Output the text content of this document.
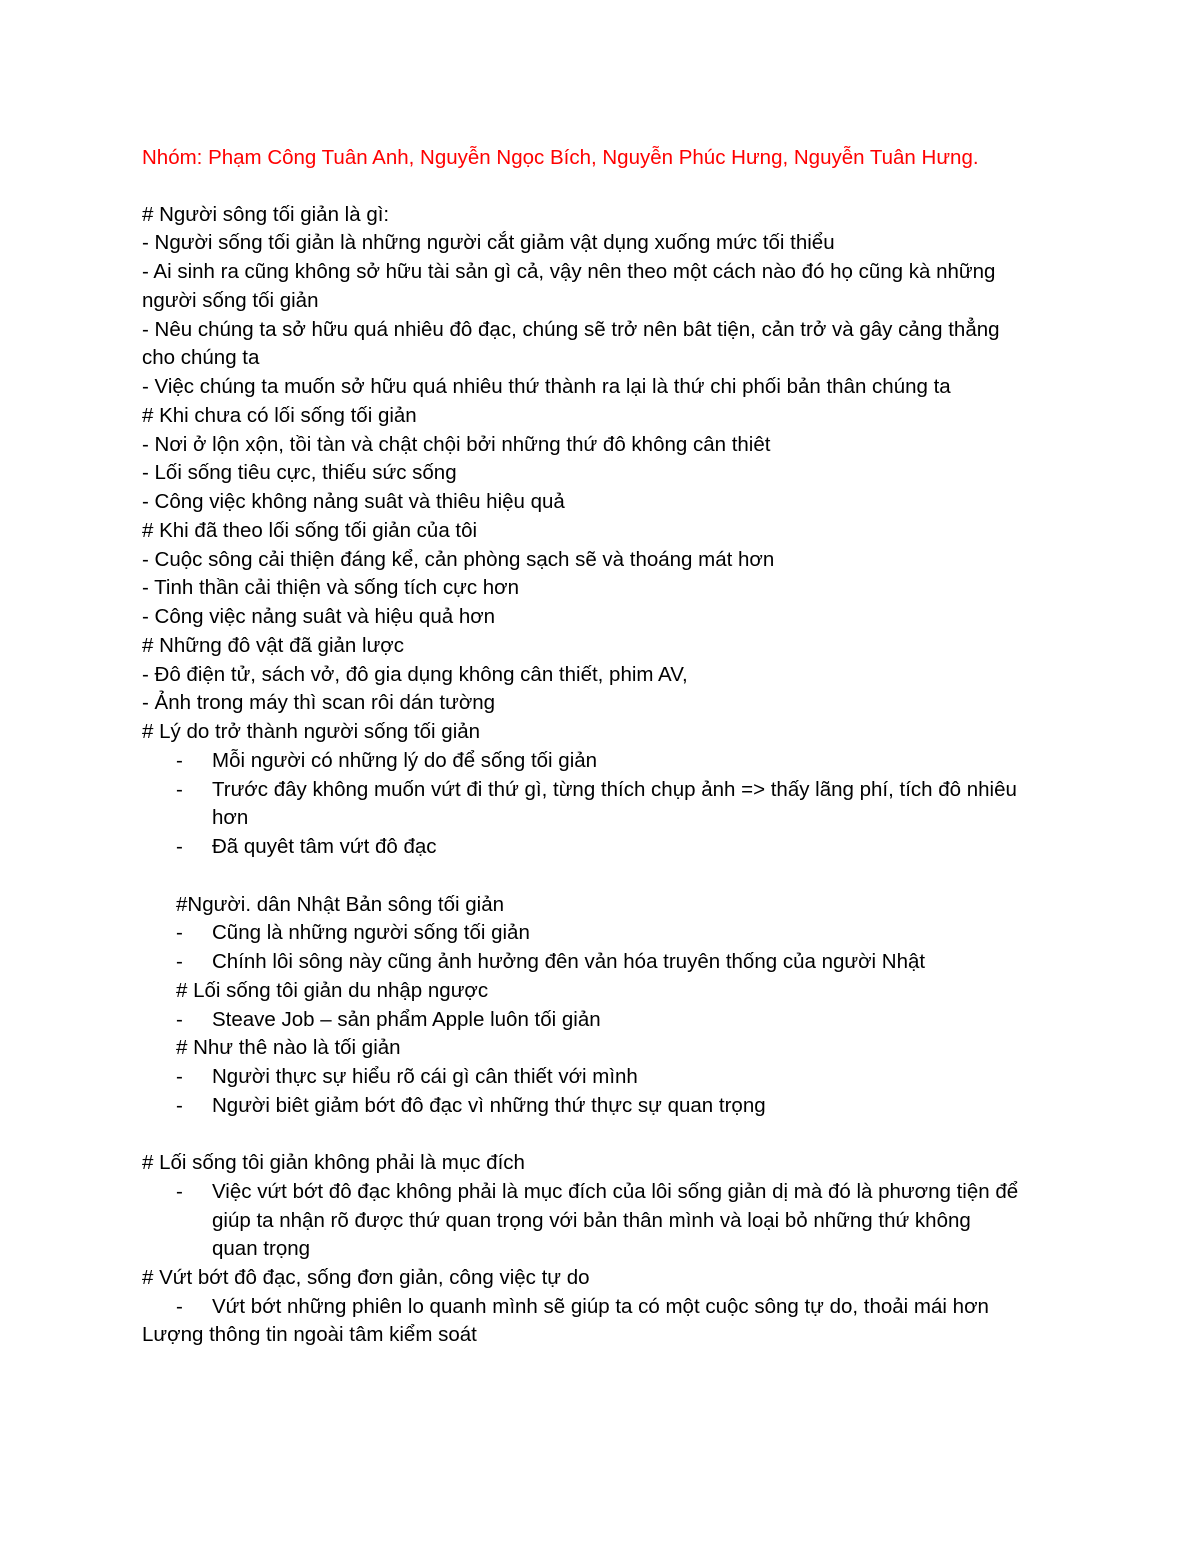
Nhóm: Phạm Công Tuân Anh, Nguyễn Ngọc Bích, Nguyễn Phúc Hưng, Nguyễn Tuân Hưng.
# Người sông tối giản là gì:
- Người sống tối giản là những người cắt giảm vật dụng xuống mức tối thiểu
- Ai sinh ra cũng không sở hữu tài sản gì cả, vậy nên theo một cách nào đó họ cũng kà những
người sống tối giản
- Nêu chúng ta sở hữu quá nhiêu đô đạc, chúng sẽ trở nên bât tiện, cản trở và gây cảng thẳng
cho chúng ta
- Việc chúng ta muốn sở hữu quá nhiêu thứ thành ra lại là thứ chi phối bản thân chúng ta
# Khi chưa có lối sống tối giản
- Nơi ở lộn xộn, tồi tàn và chật chội bởi những thứ đô không cân thiêt
- Lối sống tiêu cực, thiếu sức sống
- Công việc không nảng suât và thiêu hiệu quả
# Khi đã theo lối sống tối giản của tôi
- Cuộc sông cải thiện đáng kể, cản phòng sạch sẽ và thoáng mát hơn
- Tinh thần cải thiện và sống tích cực hơn
- Công việc nảng suât và hiệu quả hơn
# Những đô vật đã giản lược
- Đô điện tử, sách vở, đô gia dụng không cân thiết, phim AV,
- Ảnh trong máy thì scan rôi dán tường
# Lý do trở thành người sống tối giản
- Mỗi người có những lý do để sống tối giản
- Trước đây không muốn vứt đi thứ gì, từng thích chụp ảnh => thấy lãng phí, tích đô nhiêu
hơn
- Đã quyêt tâm vứt đô đạc
#Người. dân Nhật Bản sông tối giản
- Cũng là những người sống tối giản
- Chính lôi sông này cũng ảnh hưởng đên vản hóa truyên thống của người Nhật
# Lối sống tôi giản du nhập ngược
- Steave Job – sản phẩm Apple luôn tối giản
# Như thê nào là tối giản
- Người thực sự hiểu rõ cái gì cân thiết với mình
- Người biêt giảm bớt đô đạc vì những thứ thực sự quan trọng
# Lối sống tôi giản không phải là mục đích
- Việc vứt bớt đô đạc không phải là mục đích của lôi sống giản dị mà đó là phương tiện để
giúp ta nhận rõ được thứ quan trọng với bản thân mình và loại bỏ những thứ không
quan trọng
# Vứt bớt đô đạc, sống đơn giản, công việc tự do
- Vứt bớt những phiên lo quanh mình sẽ giúp ta có một cuộc sông tự do, thoải mái hơn
Lượng thông tin ngoài tâm kiểm soát
